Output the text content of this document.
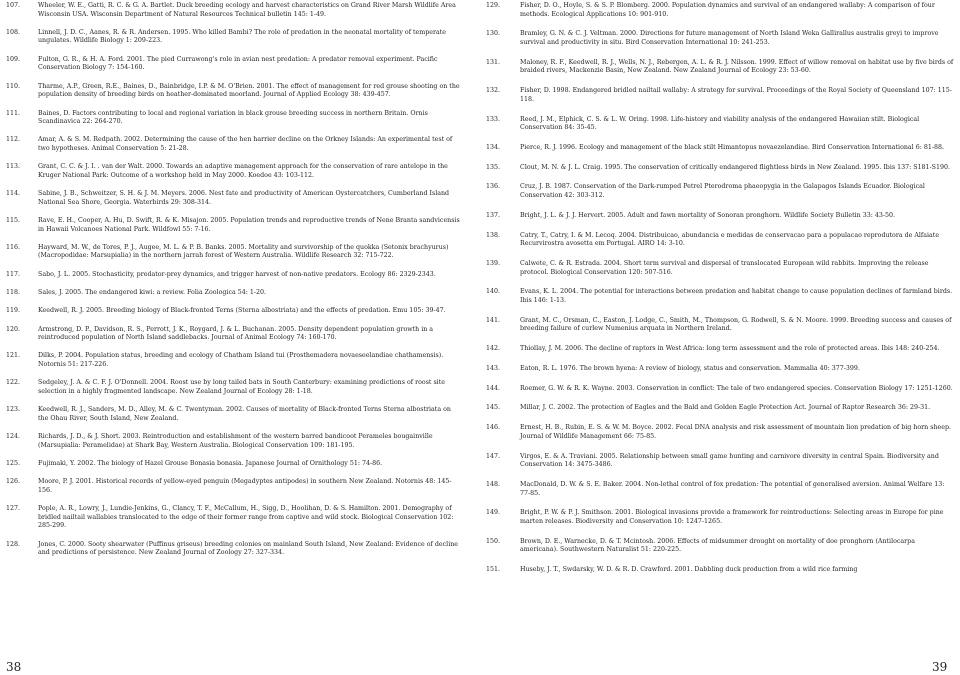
107.	Wheeler, W. E., Gatti, R. C. & G. A. Bartlet. Duck breeding ecology and harvest characteristics on Grand River Marsh Wildlife Area Wisconsin USA. Wisconsin Department of Natural Resources Technical bulletin 145: 1-49.
108.	Linnell, J. D. C., Aanes, R. & R. Andersen. 1995. Who killed Bambi? The role of predation in the neonatal mortality of temperate ungulates. Wildlife Biology 1: 209-223.
109.	Fulton, G. R., & H. A. Ford. 2001. The pied Currawong's role in avian nest predation: A predator removal experiment. Pacific Conservation Biology 7: 154-160.
110.	Tharme, A.P., Green, R.E., Baines, D., Bainbridge, I.P. & M. O'Brien. 2001. The effect of management for red grouse shooting on the population density of breeding birds on heather-dominated moorland. Journal of Applied Ecology 38: 439-457.
111.	Baines, D. Factors contributing to local and regional variation in black grouse breeding success in northern Britain. Ornis Scandinavica 22: 264-270.
112.	Amar, A. & S. M. Redpath. 2002. Determining the cause of the hen harrier decline on the Orkney Islands: An experimental test of two hypotheses. Animal Conservation 5: 21-28.
113.	Grant, C. C. & J. I. . van der Walt. 2000. Towards an adaptive management approach for the conservation of rare antelope in the Kruger National Park: Outcome of a workshop held in May 2000. Koedoe 43: 103-112.
114.	Sabine, J. B., Schweitzer, S. H. & J. M. Meyers. 2006. Nest fate and productivity of American Oystercatchers, Cumberland Island National Sea Shore, Georgia. Waterbirds 29: 308-314.
115.	Rave, E. H., Cooper, A. Hu, D. Swift, R. & K. Misajon. 2005. Population trends and reproductive trends of Nene Branta sandvicensis in Hawaii Volcanoes National Park. Wildfowl 55: 7-16.
116.	Hayward, M. W., de Tores, P. J., Augee, M. L. & P. B. Banks. 2005. Mortality and survivorship of the quokka (Setonix brachyurus)(Macropodidae: Marsupialia) in the northern jarrah forest of Western Australia. Wildlife Research 32: 715-722.
117.	Sabo, J. L. 2005. Stochasticity, predator-prey dynamics, and trigger harvest of non-native predators. Ecology 86: 2329-2343.
118.	Sales, J. 2005. The endangered kiwi: a review. Folia Zoologica 54: 1-20.
119.	Keedwell, R. J. 2005. Breeding biology of Black-fronted Terns (Sterna albostriata) and the effects of predation. Emu 105: 39-47.
120.	Armstrong, D. P., Davidson, R. S., Perrott, J. K., Roygard, J. & L. Buchanan. 2005. Density dependent population growth in a reintroduced population of North Island saddlebacks. Journal of Animal Ecology 74: 160-170.
121.	Dilks, P. 2004. Population status, breeding and ecology of Chatham Island tui (Prosthemadera novaeseelandiae chathamensis). Notornis 51: 217-226.
122.	Sedgeley, J. A. & C. F. J. O'Donnell. 2004. Roost use by long tailed bats in South Canterbury: examining predictions of roost site selection in a highly fragmented landscape. New Zealand Journal of Ecology 28: 1-18.
123.	Keedwell, R. J., Sanders, M. D., Alley, M. & C. Twentyman. 2002. Causes of mortality of Black-fronted Terns Sterna albostriata on the Ohau River, South Island, New Zealand.
124.	Richards, J. D., & J. Short. 2003. Reintroduction and establishment of the western barred bandicoot Perameles bougainville (Marsupialia: Peramelidae) at Shark Bay, Western Australia. Biological Conservation 109: 181-195.
125.	Fujimaki, Y. 2002. The biology of Hazel Grouse Bonasia bonasia. Japanese Journal of Ornithology 51: 74-86.
126.	Moore, P. J. 2001. Historical records of yellow-eyed penguin (Megadyptes antipodes) in southern New Zealand. Notornis 48: 145-156.
127.	Pople, A. R., Lowry, J., Lundie-Jenkins, G., Clancy, T. F., McCallum, H., Sigg, D., Hoolihan, D. & S. Hamilton. 2001. Demography of bridled nailtail wallabies translocated to the edge of their former range from captive and wild stock. Biological Conservation 102: 285-299.
128.	Jones, C. 2000. Sooty shearwater (Puffinus griseus) breeding colonies on mainland South Island, New Zealand: Evidence of decline and predictions of persistence. New Zealand Journal of Zoology 27: 327-334.
129.	Fisher, D. O., Hoyle, S. & S. P. Blomberg. 2000. Population dynamics and survival of an endangered wallaby: A comparison of four methods. Ecological Applications 10: 901-910.
130.	Bramley, G. N. & C. J. Veltman. 2000. Directions for future management of North Island Weka Gallirallus australis greyi to improve survival and productivity in situ. Bird Conservation International 10: 241-253.
131.	Maloney, R. F., Keedwell, R. J., Wells, N. J., Rebergen, A. L. & R. J. Nilsson. 1999. Effect of willow removal on habitat use by five birds of braided rivers, Mackenzie Basin, New Zealand. New Zealand Journal of Ecology 23: 53-60.
132.	Fisher, D. 1998. Endangered bridled nailtail wallaby: A strategy for survival. Proceedings of the Royal Society of Queensland 107: 115-118.
133.	Reed, J. M., Elphick, C. S. & L. W. Oring. 1998. Life-history and viability analysis of the endangered Hawaiian stilt. Biological Conservation 84: 35-45.
134.	Pierce, R. J. 1996. Ecology and management of the black stilt Himantopus novaezelandiae. Bird Conservation International 6: 81-88.
135.	Clout, M. N. & J. L. Craig. 1995. The conservation of critically endangered flightless birds in New Zealand. 1995. Ibis 137: S181-S190.
136.	Cruz, J. B. 1987. Conservation of the Dark-rumped Petrel Pterodroma phaeopygia in the Galapagos Islands Ecuador. Biological Conservation 42: 303-312.
137.	Bright, J. L. & J. J. Hervert. 2005. Adult and fawn mortality of Sonoran pronghorn. Wildlife Society Bulletin 33: 43-50.
138.	Catry, T., Catry, I. & M. Lecoq. 2004. Distribuicao, abundancia e medidas de conservacao para a populacao reprodutora de Alfaiate Recurvirostra avosetta em Portugal. AIRO 14: 3-10.
139.	Calwete, C. & R. Estrada. 2004. Short term survival and dispersal of translocated European wild rabbits. Improving the release protocol. Biological Conservation 120: 507-516.
140.	Evans, K. L. 2004. The potential for interactions between predation and habitat change to cause population declines of farmland birds. Ibis 146: 1-13.
141.	Grant, M. C., Orsman, C., Easton, J. Lodge, C., Smith, M., Thompson, G. Rodwell, S. & N. Moore. 1999. Breeding success and causes of breeding failure of curlew Numenius arquata in Northern Ireland.
142.	Thiollay, J. M. 2006. The decline of raptors in West Africa: long term assessment and the role of protected areas. Ibis 148: 240-254.
143.	Eaton, R. L. 1976. The brown hyena: A review of biology, status and conservation. Mammalia 40: 377-399.
144.	Roemer, G. W. & R. K. Wayne. 2003. Conservation in conflict: The tale of two endangered species. Conservation Biology 17: 1251-1260.
145.	Millar, J. C. 2002. The protection of Eagles and the Bald and Golden Eagle Protection Act. Journal of Raptor Research 36: 29-31.
146.	Ernest, H. B., Rubin, E. S. & W. M. Boyce. 2002. Fecal DNA analysis and risk assessment of mountain lion predation of big horn sheep. Journal of Wildlife Management 66: 75-85.
147.	Virgos, E. & A. Traviani. 2005. Relationship between small game hunting and carnivore diversity in central Spain. Biodiversity and Conservation 14: 3475-3486.
148.	MacDonald, D. W. & S. E. Baker. 2004. Non-lethal control of fox predation: The potential of generalised aversion. Animal Welfare 13: 77-85.
149.	Bright, P. W. & P. J. Smithson. 2001. Biological invasions provide a framework for reintroductions: Selecting areas in Europe for pine marten releases. Biodiversity and Conservation 10: 1247-1265.
150.	Brown, D. E., Warnecke, D. & T. Mcintosh. 2006. Effects of midsummer drought on mortality of doe pronghorn (Antilocarpa americana). Southwestern Naturalist 51: 220-225.
151.	Huseby, J. T., Swdarsky, W. D. & R. D. Crawford. 2001. Dabbling duck production from a wild rice farming
38	39
